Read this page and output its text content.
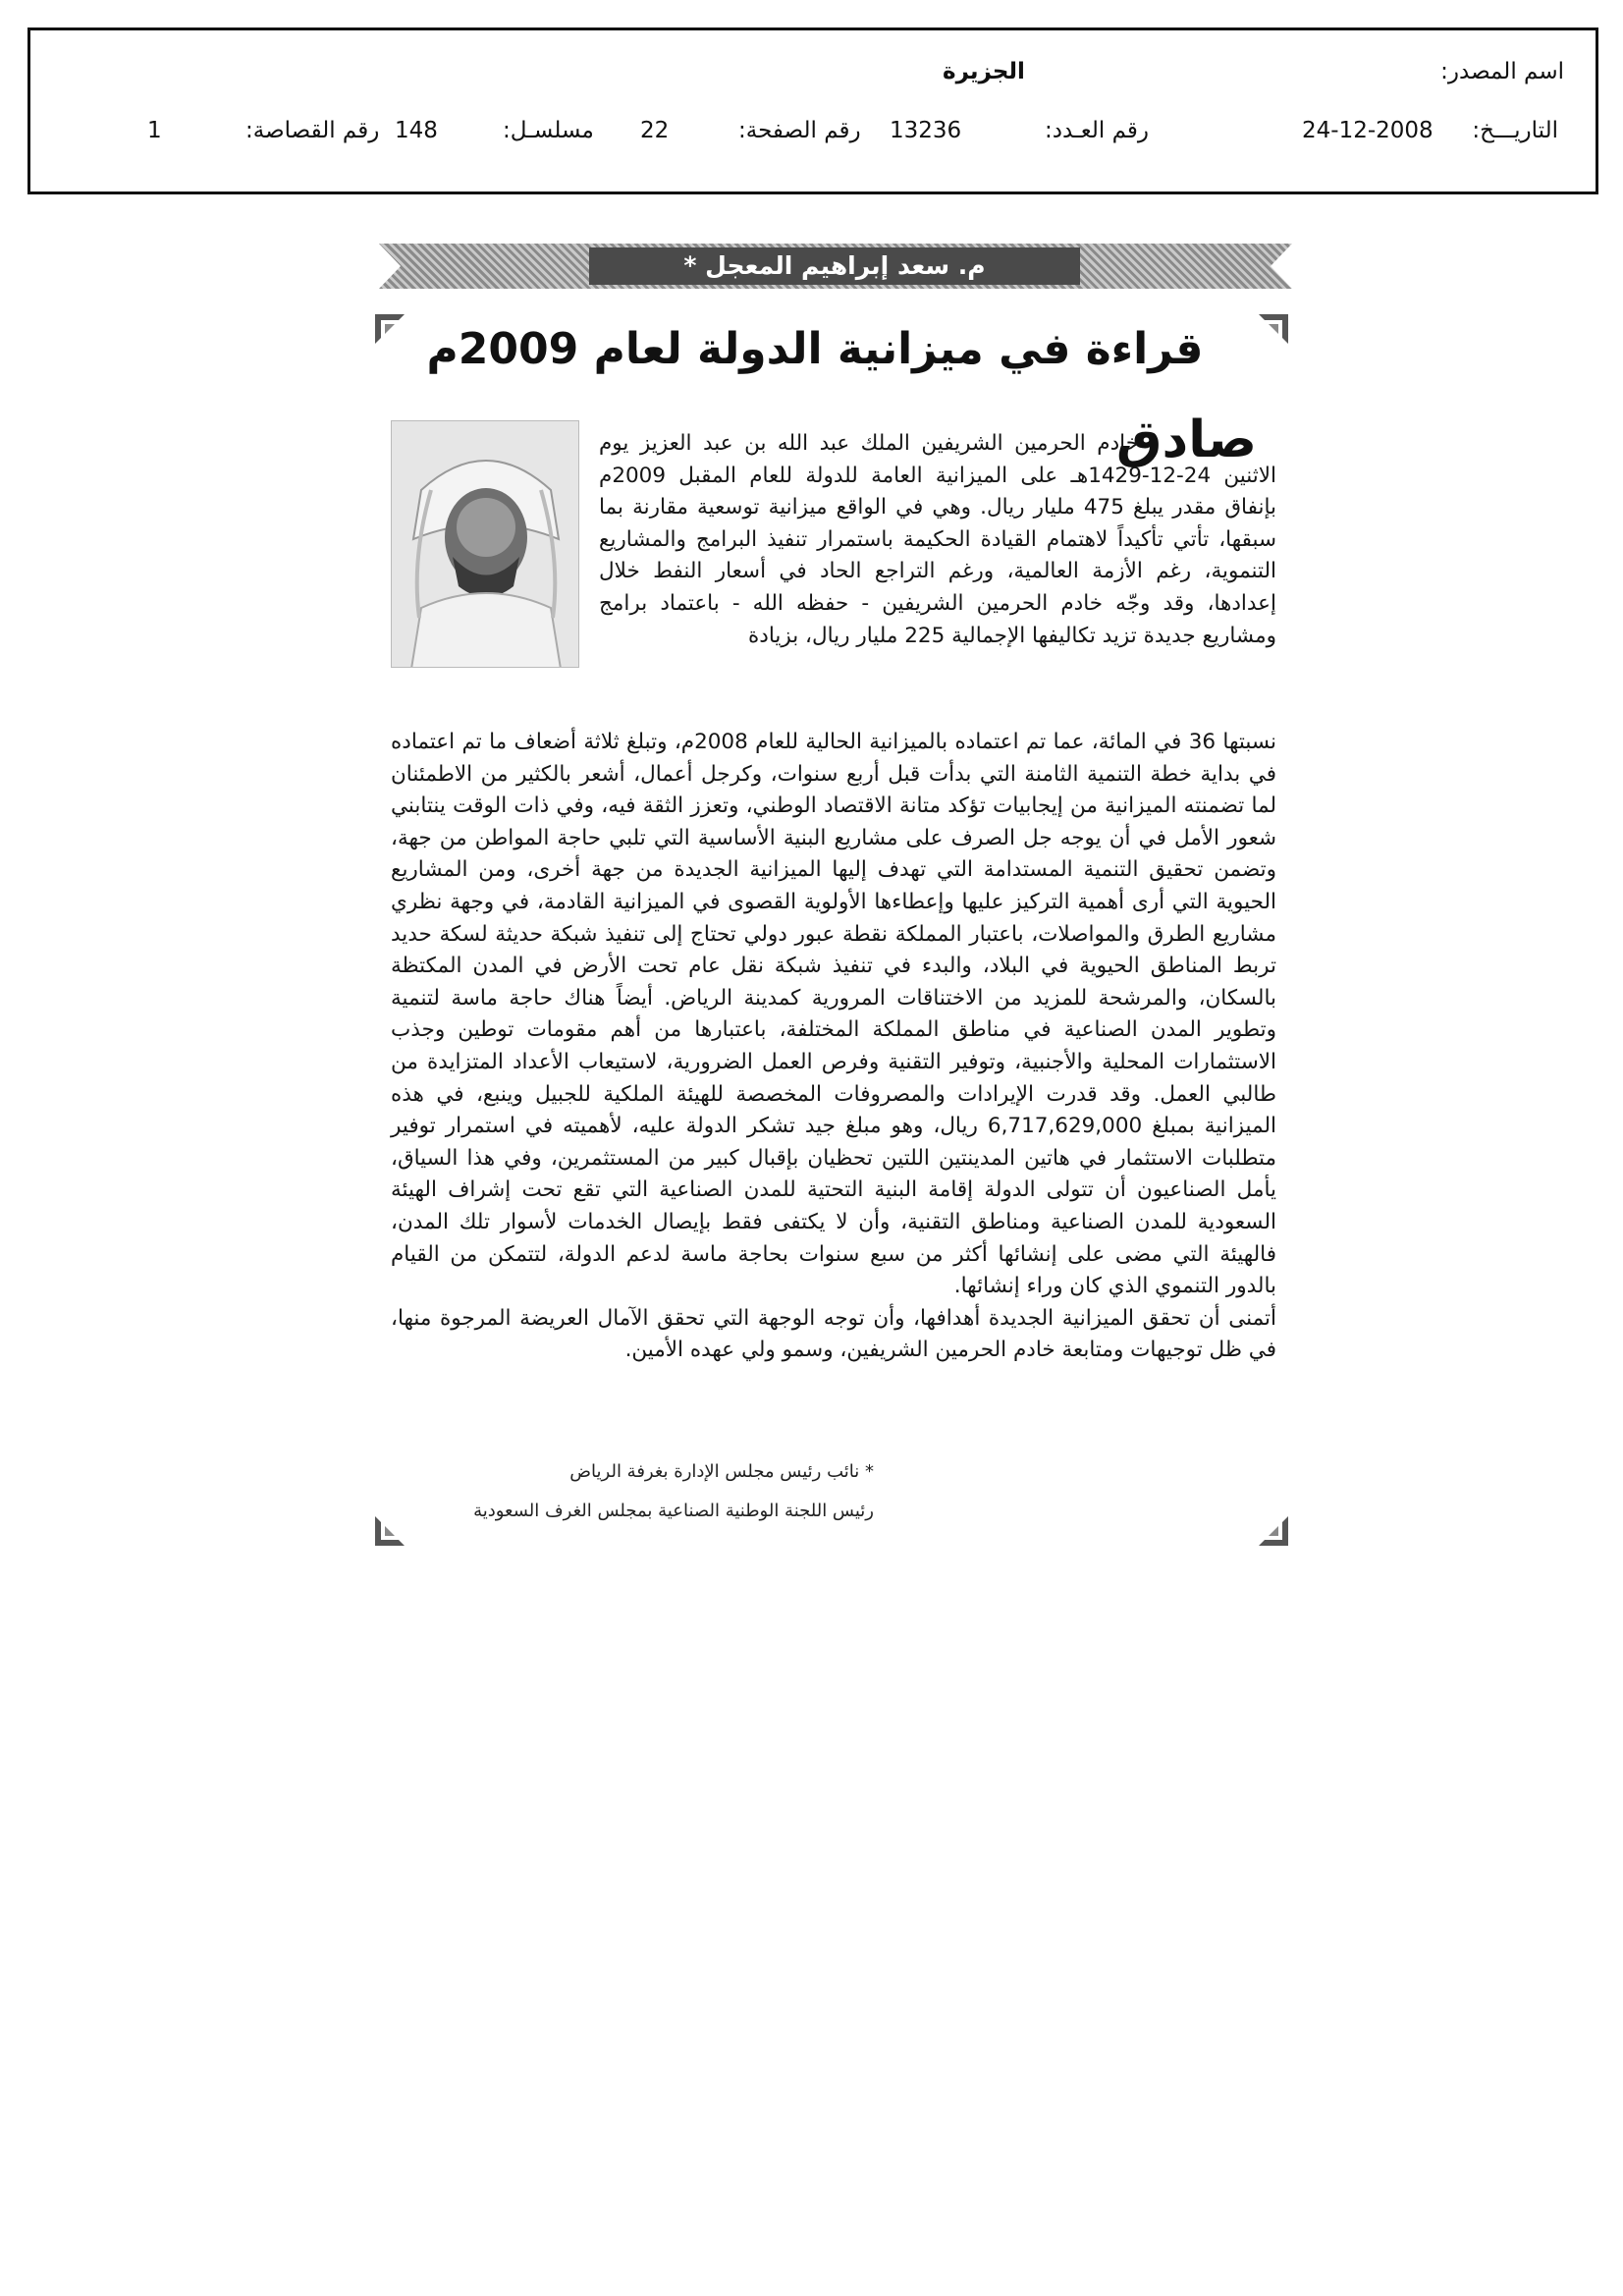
اسم المصدر:
الجزيرة
التاريـــخ:
24-12-2008
رقم العـدد:
13236
رقم الصفحة:
22
مسلسـل:
148
رقم القصاصة:
1
م. سعد إبراهيم المعجل *
قراءة في ميزانية الدولة لعام 2009م
صادق

خادم الحرمين الشريفين الملك عبد الله بن عبد العزيز يوم الاثنين 24-12-1429هـ على الميزانية العامة للدولة للعام المقبل 2009م بإنفاق مقدر يبلغ 475 مليار ريال. وهي في الواقع ميزانية توسعية مقارنة بما سبقها، تأتي تأكيداً لاهتمام القيادة الحكيمة باستمرار تنفيذ البرامج والمشاريع التنموية، رغم الأزمة العالمية، ورغم التراجع الحاد في أسعار النفط خلال إعدادها، وقد وجّه خادم الحرمين الشريفين - حفظه الله - باعتماد برامج ومشاريع جديدة تزيد تكاليفها الإجمالية 225 مليار ريال، بزيادة

نسبتها 36 في المائة، عما تم اعتماده بالميزانية الحالية للعام 2008م، وتبلغ ثلاثة أضعاف ما تم اعتماده في بداية خطة التنمية الثامنة التي بدأت قبل أربع سنوات، وكرجل أعمال، أشعر بالكثير من الاطمئنان لما تضمنته الميزانية من إيجابيات تؤكد متانة الاقتصاد الوطني، وتعزز الثقة فيه، وفي ذات الوقت ينتابني شعور الأمل في أن يوجه جل الصرف على مشاريع البنية الأساسية التي تلبي حاجة المواطن من جهة، وتضمن تحقيق التنمية المستدامة التي تهدف إليها الميزانية الجديدة من جهة أخرى، ومن المشاريع الحيوية التي أرى أهمية التركيز عليها وإعطاءها الأولوية القصوى في الميزانية القادمة، في وجهة نظري مشاريع الطرق والمواصلات، باعتبار المملكة نقطة عبور دولي تحتاج إلى تنفيذ شبكة حديثة لسكة حديد تربط المناطق الحيوية في البلاد، والبدء في تنفيذ شبكة نقل عام تحت الأرض في المدن المكتظة بالسكان، والمرشحة للمزيد من الاختناقات المرورية كمدينة الرياض. أيضاً هناك حاجة ماسة لتنمية وتطوير المدن الصناعية في مناطق المملكة المختلفة، باعتبارها من أهم مقومات توطين وجذب الاستثمارات المحلية والأجنبية، وتوفير التقنية وفرص العمل الضرورية، لاستيعاب الأعداد المتزايدة من طالبي العمل. وقد قدرت الإيرادات والمصروفات المخصصة للهيئة الملكية للجبيل وينبع، في هذه الميزانية بمبلغ 6,717,629,000 ريال، وهو مبلغ جيد تشكر الدولة عليه، لأهميته في استمرار توفير متطلبات الاستثمار في هاتين المدينتين اللتين تحظيان بإقبال كبير من المستثمرين، وفي هذا السياق، يأمل الصناعيون أن تتولى الدولة إقامة البنية التحتية للمدن الصناعية التي تقع تحت إشراف الهيئة السعودية للمدن الصناعية ومناطق التقنية، وأن لا يكتفى فقط بإيصال الخدمات لأسوار تلك المدن، فالهيئة التي مضى على إنشائها أكثر من سبع سنوات بحاجة ماسة لدعم الدولة، لتتمكن من القيام بالدور التنموي الذي كان وراء إنشائها.

أتمنى أن تحقق الميزانية الجديدة أهدافها، وأن توجه الوجهة التي تحقق الآمال العريضة المرجوة منها، في ظل توجيهات ومتابعة خادم الحرمين الشريفين، وسمو ولي عهده الأمين.

* نائب رئيس مجلس الإدارة بغرفة الرياض
رئيس اللجنة الوطنية الصناعية بمجلس الغرف السعودية
